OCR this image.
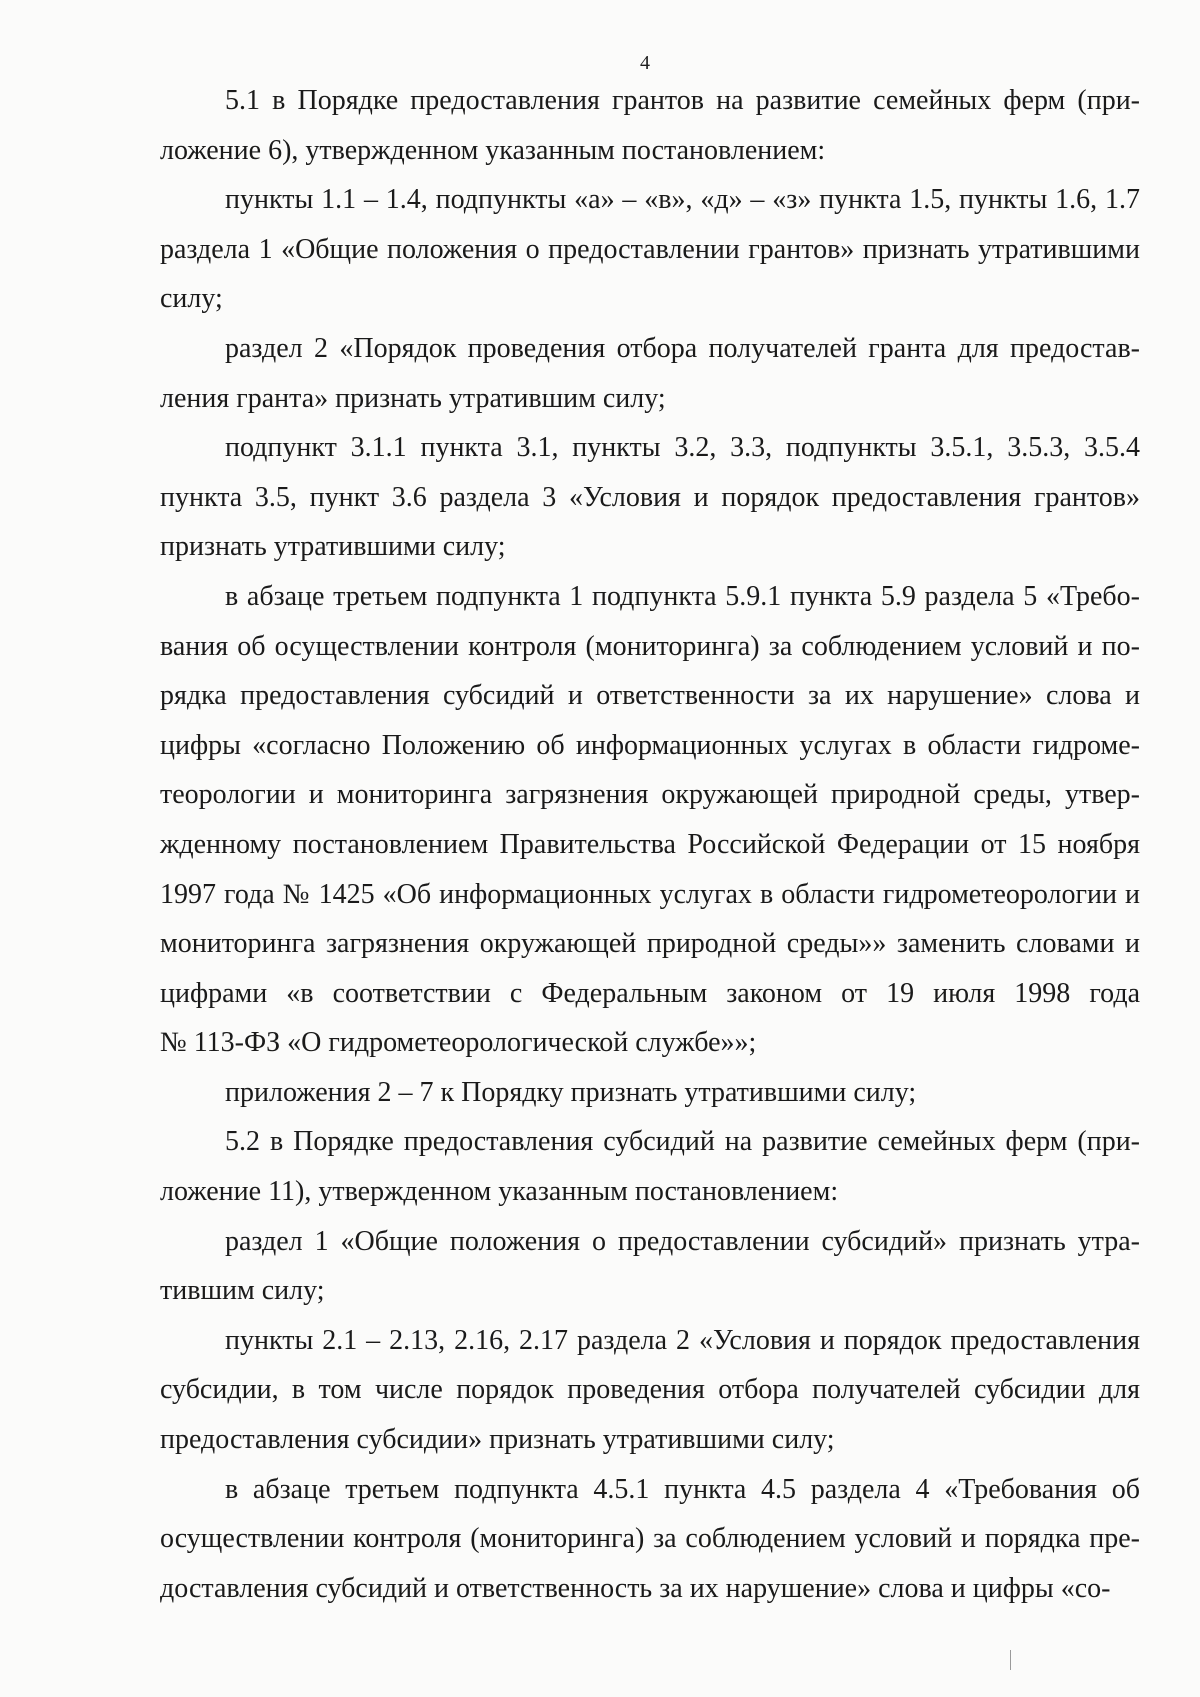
4
5.1 в Порядке предоставления грантов на развитие семейных ферм (при-
ложение 6), утвержденном указанным постановлением:
пункты 1.1 – 1.4, подпункты «а» – «в», «д» – «з» пункта 1.5, пункты 1.6, 1.7
раздела 1 «Общие положения о предоставлении грантов» признать утратившими
силу;
раздел 2 «Порядок проведения отбора получателей гранта для предостав-
ления гранта» признать утратившим силу;
подпункт 3.1.1 пункта 3.1, пункты 3.2, 3.3, подпункты 3.5.1, 3.5.3, 3.5.4
пункта 3.5, пункт 3.6 раздела 3 «Условия и порядок предоставления грантов»
признать утратившими силу;
в абзаце третьем подпункта 1 подпункта 5.9.1 пункта 5.9 раздела 5 «Требо-
вания об осуществлении контроля (мониторинга) за соблюдением условий и по-
рядка предоставления субсидий и ответственности за их нарушение» слова и
цифры «согласно Положению об информационных услугах в области гидроме-
теорологии и мониторинга загрязнения окружающей природной среды, утвер-
жденному постановлением Правительства Российской Федерации от 15 ноября
1997 года № 1425 «Об информационных услугах в области гидрометеорологии и
мониторинга загрязнения окружающей природной среды»» заменить словами и
цифрами «в соответствии с Федеральным законом от 19 июля 1998 года
№ 113-ФЗ «О гидрометеорологической службе»»;
приложения 2 – 7 к Порядку признать утратившими силу;
5.2 в Порядке предоставления субсидий на развитие семейных ферм (при-
ложение 11), утвержденном указанным постановлением:
раздел 1 «Общие положения о предоставлении субсидий» признать утра-
тившим силу;
пункты 2.1 – 2.13, 2.16, 2.17 раздела 2 «Условия и порядок предоставления
субсидии, в том числе порядок проведения отбора получателей субсидии для
предоставления субсидии» признать утратившими силу;
в абзаце третьем подпункта 4.5.1 пункта 4.5 раздела 4 «Требования об
осуществлении контроля (мониторинга) за соблюдением условий и порядка пре-
доставления субсидий и ответственность за их нарушение» слова и цифры «со-
